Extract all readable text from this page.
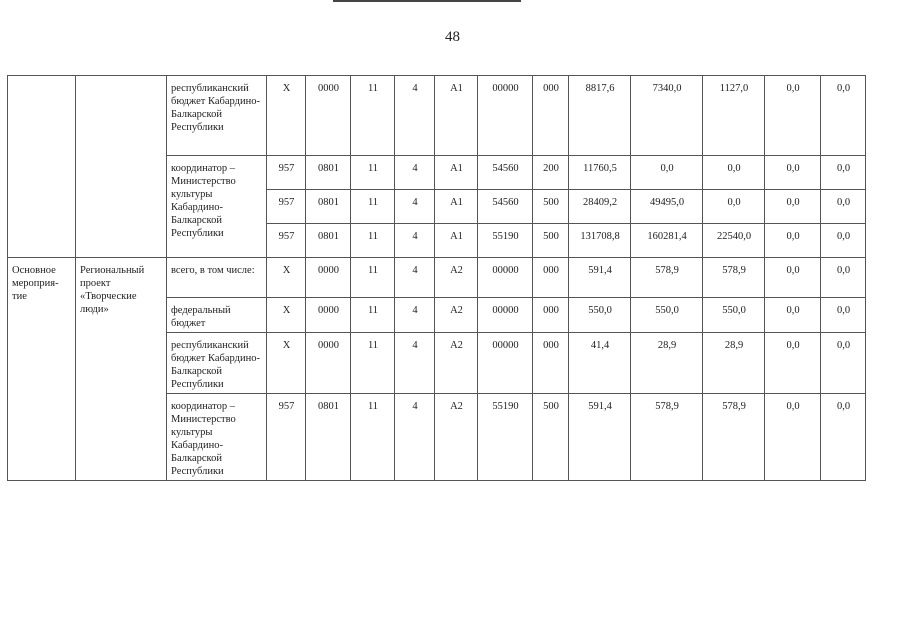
48
		республиканский бюджет Кабардино-Балкарской Республики	X	0000	11	4	A1	00000	000	8817,6	7340,0	1127,0	0,0	0,0
		координатор – Министерство культуры Кабардино-Балкарской Республики	957	0801	11	4	A1	54560	200	11760,5	0,0	0,0	0,0	0,0
			957	0801	11	4	A1	54560	500	28409,2	49495,0	0,0	0,0	0,0
			957	0801	11	4	A1	55190	500	131708,8	160281,4	22540,0	0,0	0,0
Основное мероприя-тие	Региональный проект «Творческие люди»	всего, в том числе:	X	0000	11	4	A2	00000	000	591,4	578,9	578,9	0,0	0,0
		федеральный бюджет	X	0000	11	4	A2	00000	000	550,0	550,0	550,0	0,0	0,0
		республиканский бюджет Кабардино-Балкарской Республики	X	0000	11	4	A2	00000	000	41,4	28,9	28,9	0,0	0,0
		координатор – Министерство культуры Кабардино-Балкарской Республики	957	0801	11	4	A2	55190	500	591,4	578,9	578,9	0,0	0,0
